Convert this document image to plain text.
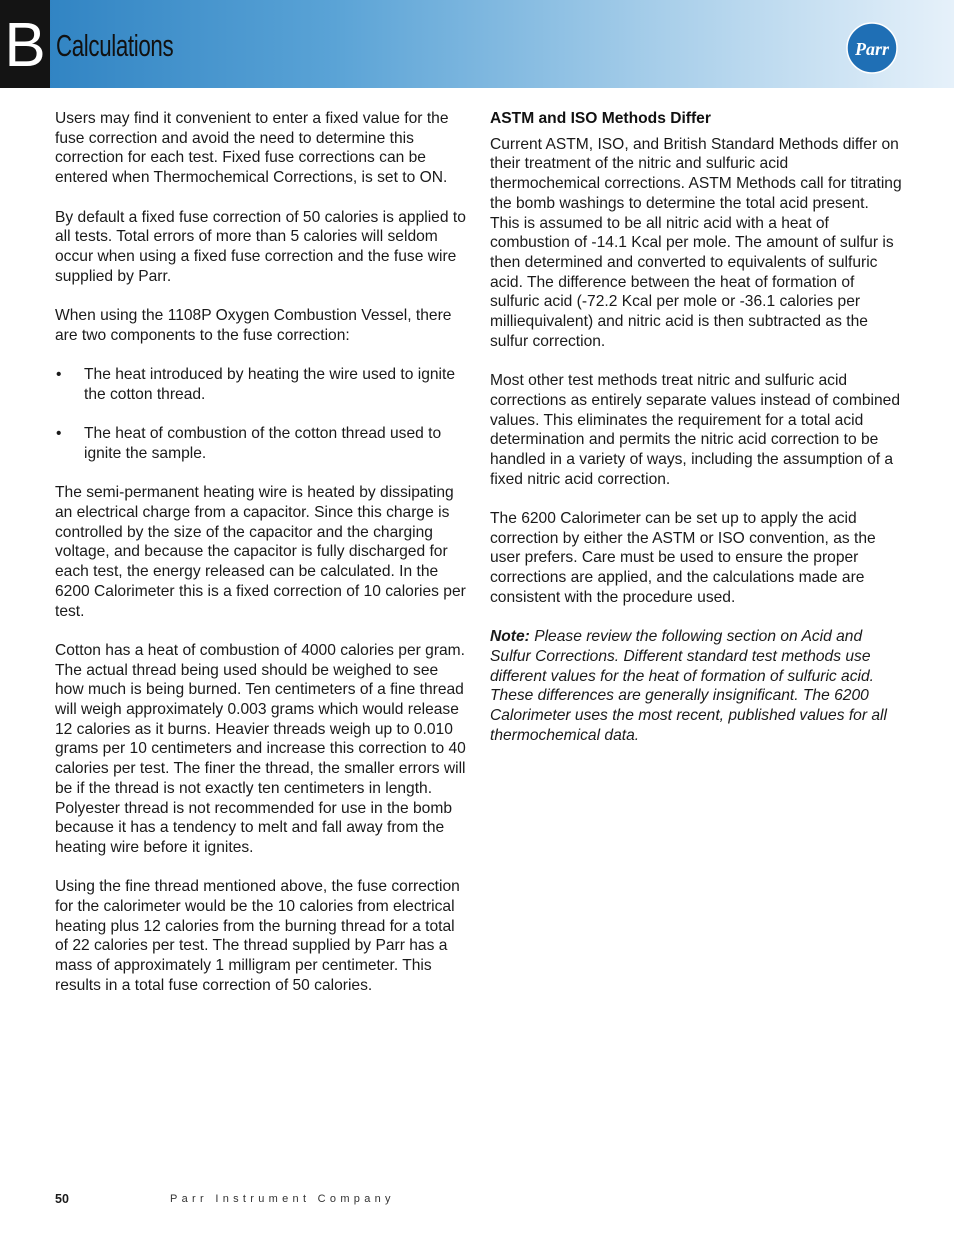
B Calculations	Parr

Users may find it convenient to enter a fixed value for the fuse correction and avoid the need to determine this correction for each test. Fixed fuse corrections can be entered when Thermochemical Corrections, is set to ON.

By default a fixed fuse correction of 50 calories is applied to all tests. Total errors of more than 5 calories will seldom occur when using a fixed fuse correction and the fuse wire supplied by Parr.

When using the 1108P Oxygen Combustion Vessel, there are two components to the fuse correction:

• The heat introduced by heating the wire used to ignite the cotton thread.
• The heat of combustion of the cotton thread used to ignite the sample.

The semi-permanent heating wire is heated by dissipating an electrical charge from a capacitor. Since this charge is controlled by the size of the capacitor and the charging voltage, and because the capacitor is fully discharged for each test, the energy released can be calculated. In the 6200 Calorimeter this is a fixed correction of 10 calories per test.

Cotton has a heat of combustion of 4000 calories per gram. The actual thread being used should be weighed to see how much is being burned. Ten centimeters of a fine thread will weigh approximately 0.003 grams which would release 12 calories as it burns. Heavier threads weigh up to 0.010 grams per 10 centimeters and increase this correction to 40 calories per test. The finer the thread, the smaller errors will be if the thread is not exactly ten centimeters in length. Polyester thread is not recommended for use in the bomb because it has a tendency to melt and fall away from the heating wire before it ignites.

Using the fine thread mentioned above, the fuse correction for the calorimeter would be the 10 calories from electrical heating plus 12 calories from the burning thread for a total of 22 calories per test. The thread supplied by Parr has a mass of approximately 1 milligram per centimeter. This results in a total fuse correction of 50 calories.

ASTM and ISO Methods Differ

Current ASTM, ISO, and British Standard Methods differ on their treatment of the nitric and sulfuric acid thermochemical corrections. ASTM Methods call for titrating the bomb washings to determine the total acid present. This is assumed to be all nitric acid with a heat of combustion of -14.1 Kcal per mole. The amount of sulfur is then determined and converted to equivalents of sulfuric acid. The difference between the heat of formation of sulfuric acid (-72.2 Kcal per mole or -36.1 calories per milliequivalent) and nitric acid is then subtracted as the sulfur correction.

Most other test methods treat nitric and sulfuric acid corrections as entirely separate values instead of combined values. This eliminates the requirement for a total acid determination and permits the nitric acid correction to be handled in a variety of ways, including the assumption of a fixed nitric acid correction.

The 6200 Calorimeter can be set up to apply the acid correction by either the ASTM or ISO convention, as the user prefers. Care must be used to ensure the proper corrections are applied, and the calculations made are consistent with the procedure used.

Note: Please review the following section on Acid and Sulfur Corrections. Different standard test methods use different values for the heat of formation of sulfuric acid. These differences are generally insignificant. The 6200 Calorimeter uses the most recent, published values for all thermochemical data.

50	Parr Instrument Company
